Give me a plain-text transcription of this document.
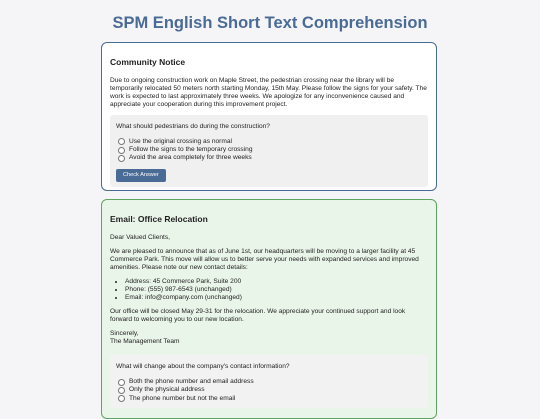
SPM English Short Text Comprehension
Community Notice

Due to ongoing construction work on Maple Street, the pedestrian crossing near the library will be temporarily relocated 50 meters north starting Monday, 15th May. Please follow the signs for your safety. The work is expected to last approximately three weeks. We apologize for any inconvenience caused and appreciate your cooperation during this improvement project.

What should pedestrians do during the construction?
Use the original crossing as normal
Follow the signs to the temporary crossing
Avoid the area completely for three weeks
Check Answer
Email: Office Relocation

Dear Valued Clients,

We are pleased to announce that as of June 1st, our headquarters will be moving to a larger facility at 45 Commerce Park. This move will allow us to better serve your needs with expanded services and improved amenities. Please note our new contact details:

• Address: 45 Commerce Park, Suite 200
• Phone: (555) 987-6543 (unchanged)
• Email: info@company.com (unchanged)

Our office will be closed May 29-31 for the relocation. We appreciate your continued support and look forward to welcoming you to our new location.

Sincerely,
The Management Team

What will change about the company's contact information?
Both the phone number and email address
Only the physical address
The phone number but not the email
